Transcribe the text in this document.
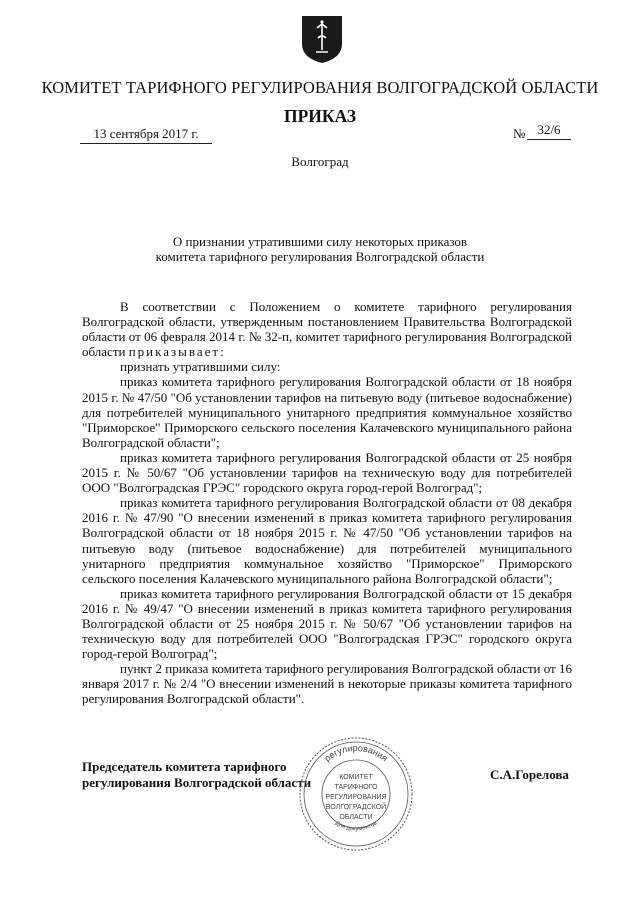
КОМИТЕТ ТАРИФНОГО РЕГУЛИРОВАНИЯ ВОЛГОГРАДСКОЙ ОБЛАСТИ
ПРИКАЗ
13 сентября 2017 г.	№ 32/6
Волгоград
О признании утратившими силу некоторых приказов
комитета тарифного регулирования Волгоградской области

В соответствии с Положением о комитете тарифного регулирования Волгоградской области, утвержденным постановлением Правительства Волгоградской области от 06 февраля 2014 г. № 32-п, комитет тарифного регулирования Волгоградской области приказывает:

признать утратившими силу:

приказ комитета тарифного регулирования Волгоградской области от 18 ноября 2015 г. № 47/50 "Об установлении тарифов на питьевую воду (питьевое водоснабжение) для потребителей муниципального унитарного предприятия коммунальное хозяйство "Приморское" Приморского сельского поселения Калачевского муниципального района Волгоградской области";

приказ комитета тарифного регулирования Волгоградской области от 25 ноября 2015 г. № 50/67 "Об установлении тарифов на техническую воду для потребителей ООО "Волгоградская ГРЭС" городского округа город-герой Волгоград";

приказ комитета тарифного регулирования Волгоградской области от 08 декабря 2016 г. № 47/90 "О внесении изменений в приказ комитета тарифного регулирования Волгоградской области от 18 ноября 2015 г. № 47/50 "Об установлении тарифов на питьевую воду (питьевое водоснабжение) для потребителей муниципального унитарного предприятия коммунальное хозяйство "Приморское" Приморского сельского поселения Калачевского муниципального района Волгоградской области";

приказ комитета тарифного регулирования Волгоградской области от 15 декабря 2016 г. № 49/47 "О внесении изменений в приказ комитета тарифного регулирования Волгоградской области от 25 ноября 2015 г. № 50/67 "Об установлении тарифов на техническую воду для потребителей ООО "Волгоградская ГРЭС" городского округа город-герой Волгоград";

пункт 2 приказа комитета тарифного регулирования Волгоградской области от 16 января 2017 г. № 2/4 "О внесении изменений в некоторые приказы комитета тарифного регулирования Волгоградской области".

Председатель комитета тарифного
регулирования Волгоградской области
С.А.Горелова
регулирования
Для документов
КОМИТЕТ
ТАРИФНОГО
РЕГУЛИРОВАНИЯ
ВОЛГОГРАДСКОЙ
ОБЛАСТИ
